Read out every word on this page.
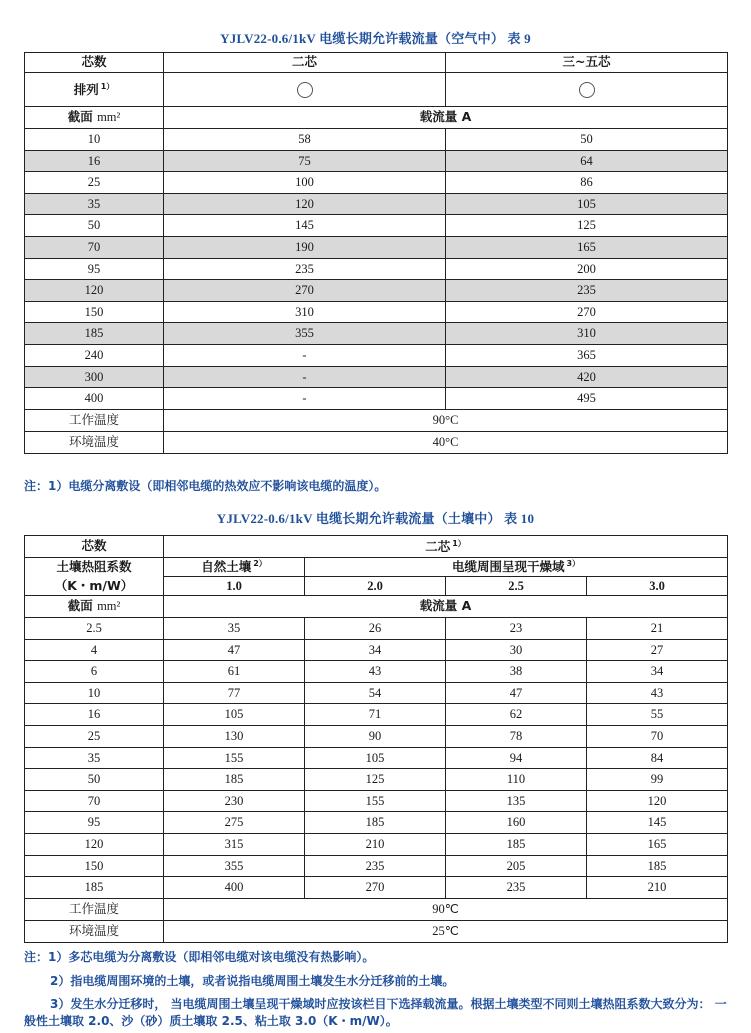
YJLV22-0.6/1kV 电缆长期允许载流量（空气中） 表 9
芯数	二芯	三~五芯
排列 $^{1)}$		
截面 mm²	载流量 A	
10	58	50
16	75	64
25	100	86
35	120	105
50	145	125
70	190	165
95	235	200
120	270	235
150	310	270
185	355	310
240	-	365
300	-	420
400	-	495
工作温度	90°C	
环境温度	40°C	
注：1）电缆分离敷设（即相邻电缆的热效应不影响该电缆的温度）。
YJLV22-0.6/1kV 电缆长期允许载流量（土壤中） 表 10
芯数	二芯 $^{1)}$
土壤热阻系数	自然土壤 $^{2)}$	电缆周围呈现干燥域 $^{3)}$
（K・m/W）	1.0	2.0	2.5	3.0
截面 mm²	载流量 A			
2.5	35	26	23	21
4	47	34	30	27
6	61	43	38	34
10	77	54	47	43
16	105	71	62	55
25	130	90	78	70
35	155	105	94	84
50	185	125	110	99
70	230	155	135	120
95	275	185	160	145
120	315	210	185	165
150	355	235	205	185
185	400	270	235	210
工作温度	90℃			
环境温度	25℃			
注：1）多芯电缆为分离敷设（即相邻电缆对该电缆没有热影响）。
2）指电缆周围环境的土壤，或者说指电缆周围土壤发生水分迁移前的土壤。
3）发生水分迁移时， 当电缆周围土壤呈现干燥域时应按该栏目下选择载流量。根据土壤类型不同则土壤热阻系数大致分为： 一般性土壤取 2.0、沙（砂）质土壤取 2.5、粘土取 3.0（K・m/W）。
